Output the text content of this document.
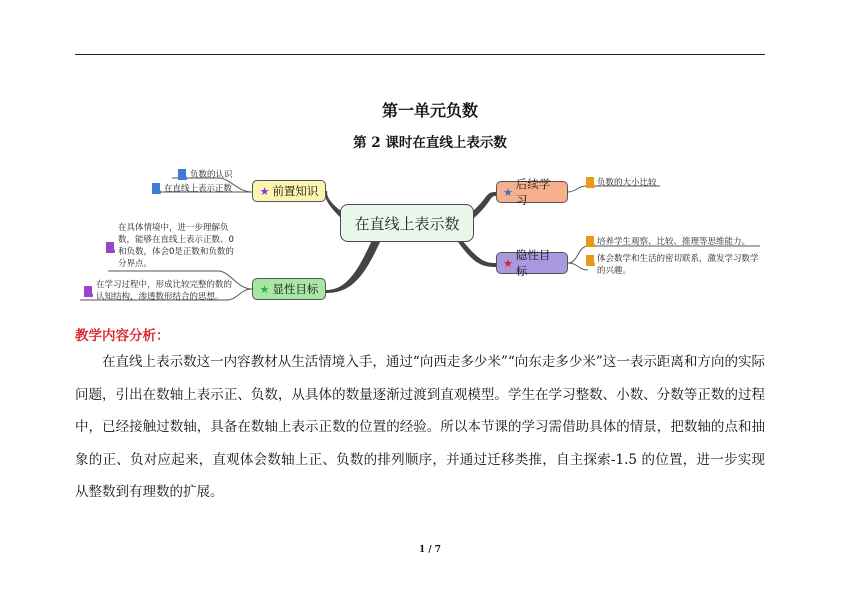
第一单元负数
第 2 课时在直线上表示数
在直线上表示数
★ 前置知识	★
后续学习
★
隐性目标
★ 显性目标
负数的认识
在直线上表示正数
负数的大小比较
培养学生观察、比较、推理等思维能力。
体会数学和生活的密切联系，激发学习数学的兴趣。
在具体情境中，进一步理解负数，能够在直线上表示正数、0和负数，体会0是正数和负数的分界点。
在学习过程中，形成比较完整的数的认知结构，渗透数形结合的思想。
教学内容分析：
在直线上表示数这一内容教材从生活情境入手，通过“向西走多少米”“向东走多少米”这一表示距离和方向的实际问题，引出在数轴上表示正、负数，从具体的数量逐渐过渡到直观模型。学生在学习整数、小数、分数等正数的过程中，已经接触过数轴，具备在数轴上表示正数的位置的经验。所以本节课的学习需借助具体的情景，把数轴的点和抽象的正、负对应起来，直观体会数轴上正、负数的排列顺序，并通过迁移类推，自主探索-1.5 的位置，进一步实现从整数到有理数的扩展。
1 / 7
